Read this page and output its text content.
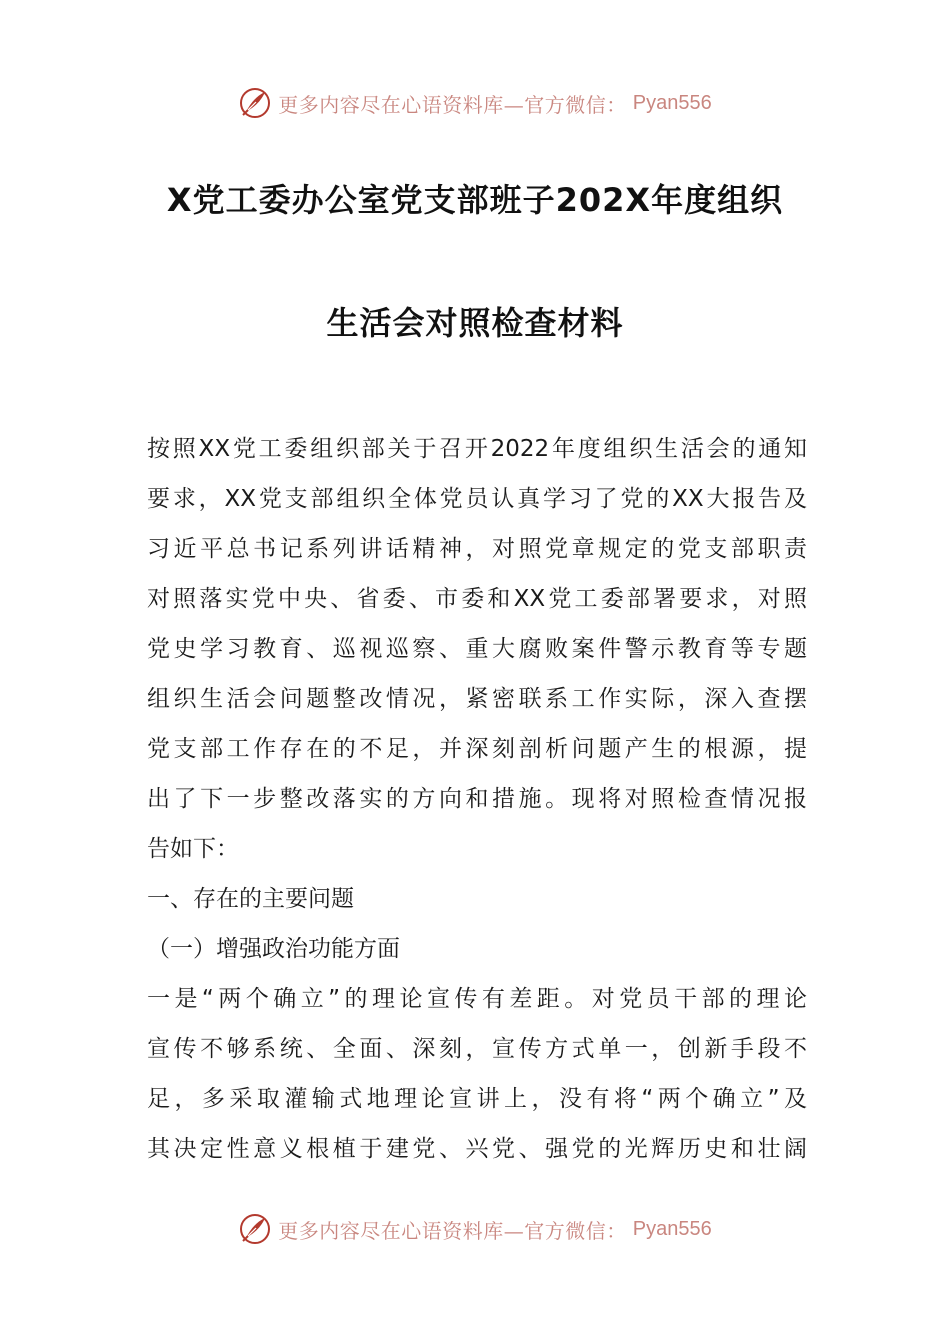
更多内容尽在心语资料库—官方微信： Pyan556
X党工委办公室党支部班子202X年度组织
生活会对照检查材料
按照XX党工委组织部关于召开2022年度组织生活会的通知
要求，XX党支部组织全体党员认真学习了党的XX大报告及
习近平总书记系列讲话精神，对照党章规定的党支部职责
对照落实党中央、省委、市委和XX党工委部署要求，对照
党史学习教育、巡视巡察、重大腐败案件警示教育等专题
组织生活会问题整改情况，紧密联系工作实际，深入查摆
党支部工作存在的不足，并深刻剖析问题产生的根源，提
出了下一步整改落实的方向和措施。现将对照检查情况报
告如下：
一、存在的主要问题
（一）增强政治功能方面
一是“两个确立”的理论宣传有差距。对党员干部的理论
宣传不够系统、全面、深刻，宣传方式单一，创新手段不
足，多采取灌输式地理论宣讲上，没有将“两个确立”及
其决定性意义根植于建党、兴党、强党的光辉历史和壮阔
更多内容尽在心语资料库—官方微信： Pyan556
